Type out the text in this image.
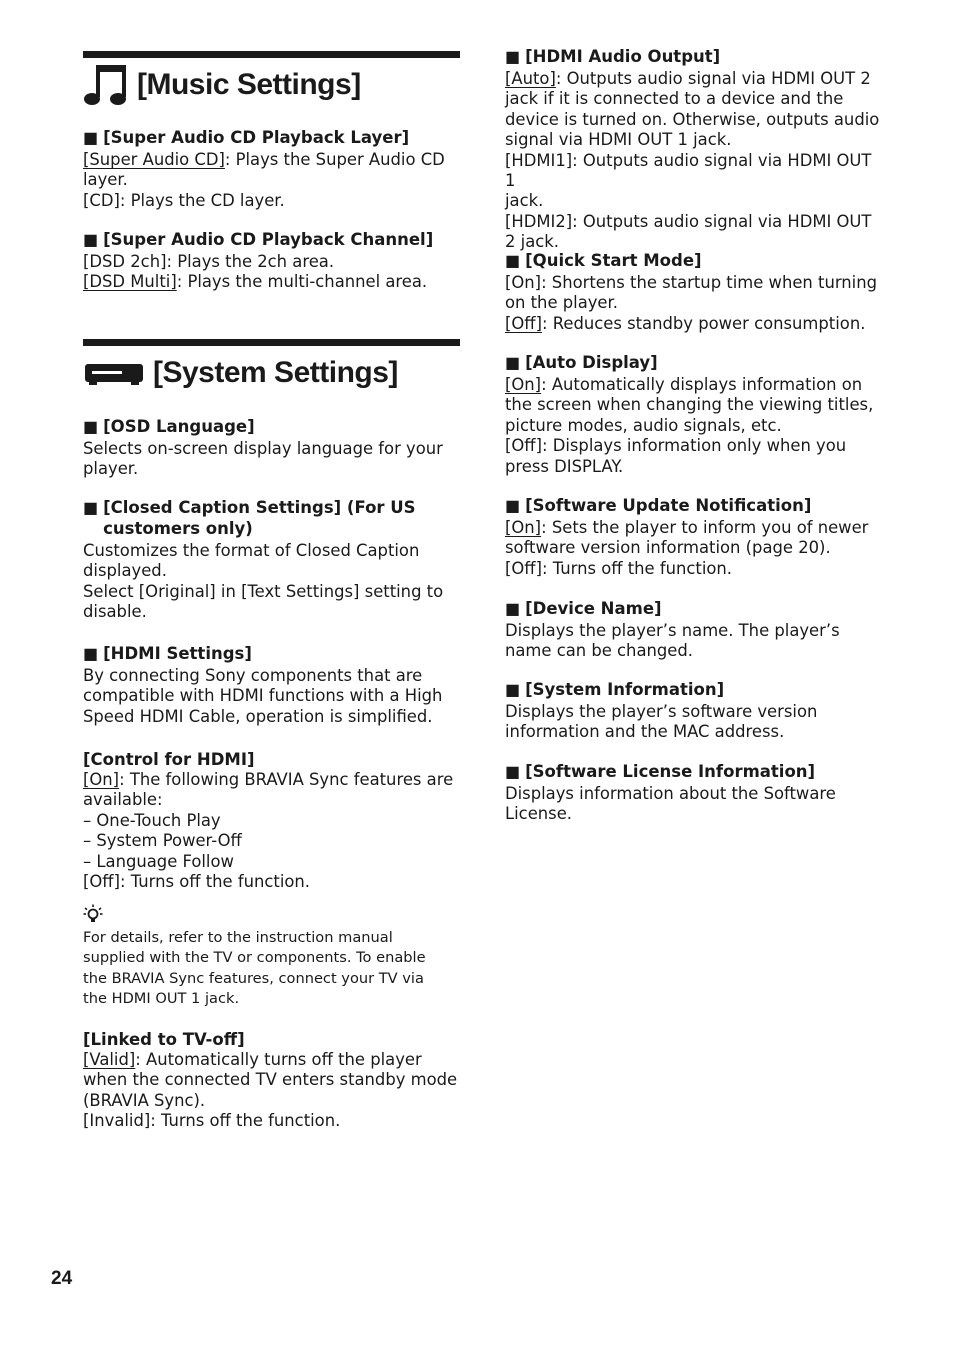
[Music Settings]
■ [Super Audio CD Playback Layer]
[Super Audio CD]: Plays the Super Audio CD
layer.
[CD]: Plays the CD layer.
■ [Super Audio CD Playback Channel]
[DSD 2ch]: Plays the 2ch area.
[DSD Multi]: Plays the multi-channel area.
[System Settings]
■ [OSD Language]
Selects on-screen display language for your
player.
■ [Closed Caption Settings] (For US
customers only)
Customizes the format of Closed Caption
displayed.
Select [Original] in [Text Settings] setting to
disable.
■ [HDMI Settings]
By connecting Sony components that are
compatible with HDMI functions with a High
Speed HDMI Cable, operation is simplified.
[Control for HDMI]
[On]: The following BRAVIA Sync features are
available:
– One-Touch Play
– System Power-Off
– Language Follow
[Off]: Turns off the function.
For details, refer to the instruction manual
supplied with the TV or components. To enable
the BRAVIA Sync features, connect your TV via
the HDMI OUT 1 jack.
[Linked to TV-off]
[Valid]: Automatically turns off the player
when the connected TV enters standby mode
(BRAVIA Sync).
[Invalid]: Turns off the function.
■ [HDMI Audio Output]
[Auto]: Outputs audio signal via HDMI OUT 2
jack if it is connected to a device and the
device is turned on. Otherwise, outputs audio
signal via HDMI OUT 1 jack.
[HDMI1]: Outputs audio signal via HDMI OUT 1
jack.
[HDMI2]: Outputs audio signal via HDMI OUT
2 jack.
■ [Quick Start Mode]
[On]: Shortens the startup time when turning
on the player.
[Off]: Reduces standby power consumption.
■ [Auto Display]
[On]: Automatically displays information on
the screen when changing the viewing titles,
picture modes, audio signals, etc.
[Off]: Displays information only when you
press DISPLAY.
■ [Software Update Notification]
[On]: Sets the player to inform you of newer
software version information (page 20).
[Off]: Turns off the function.
■ [Device Name]
Displays the player’s name. The player’s
name can be changed.
■ [System Information]
Displays the player’s software version
information and the MAC address.
■ [Software License Information]
Displays information about the Software
License.
24
